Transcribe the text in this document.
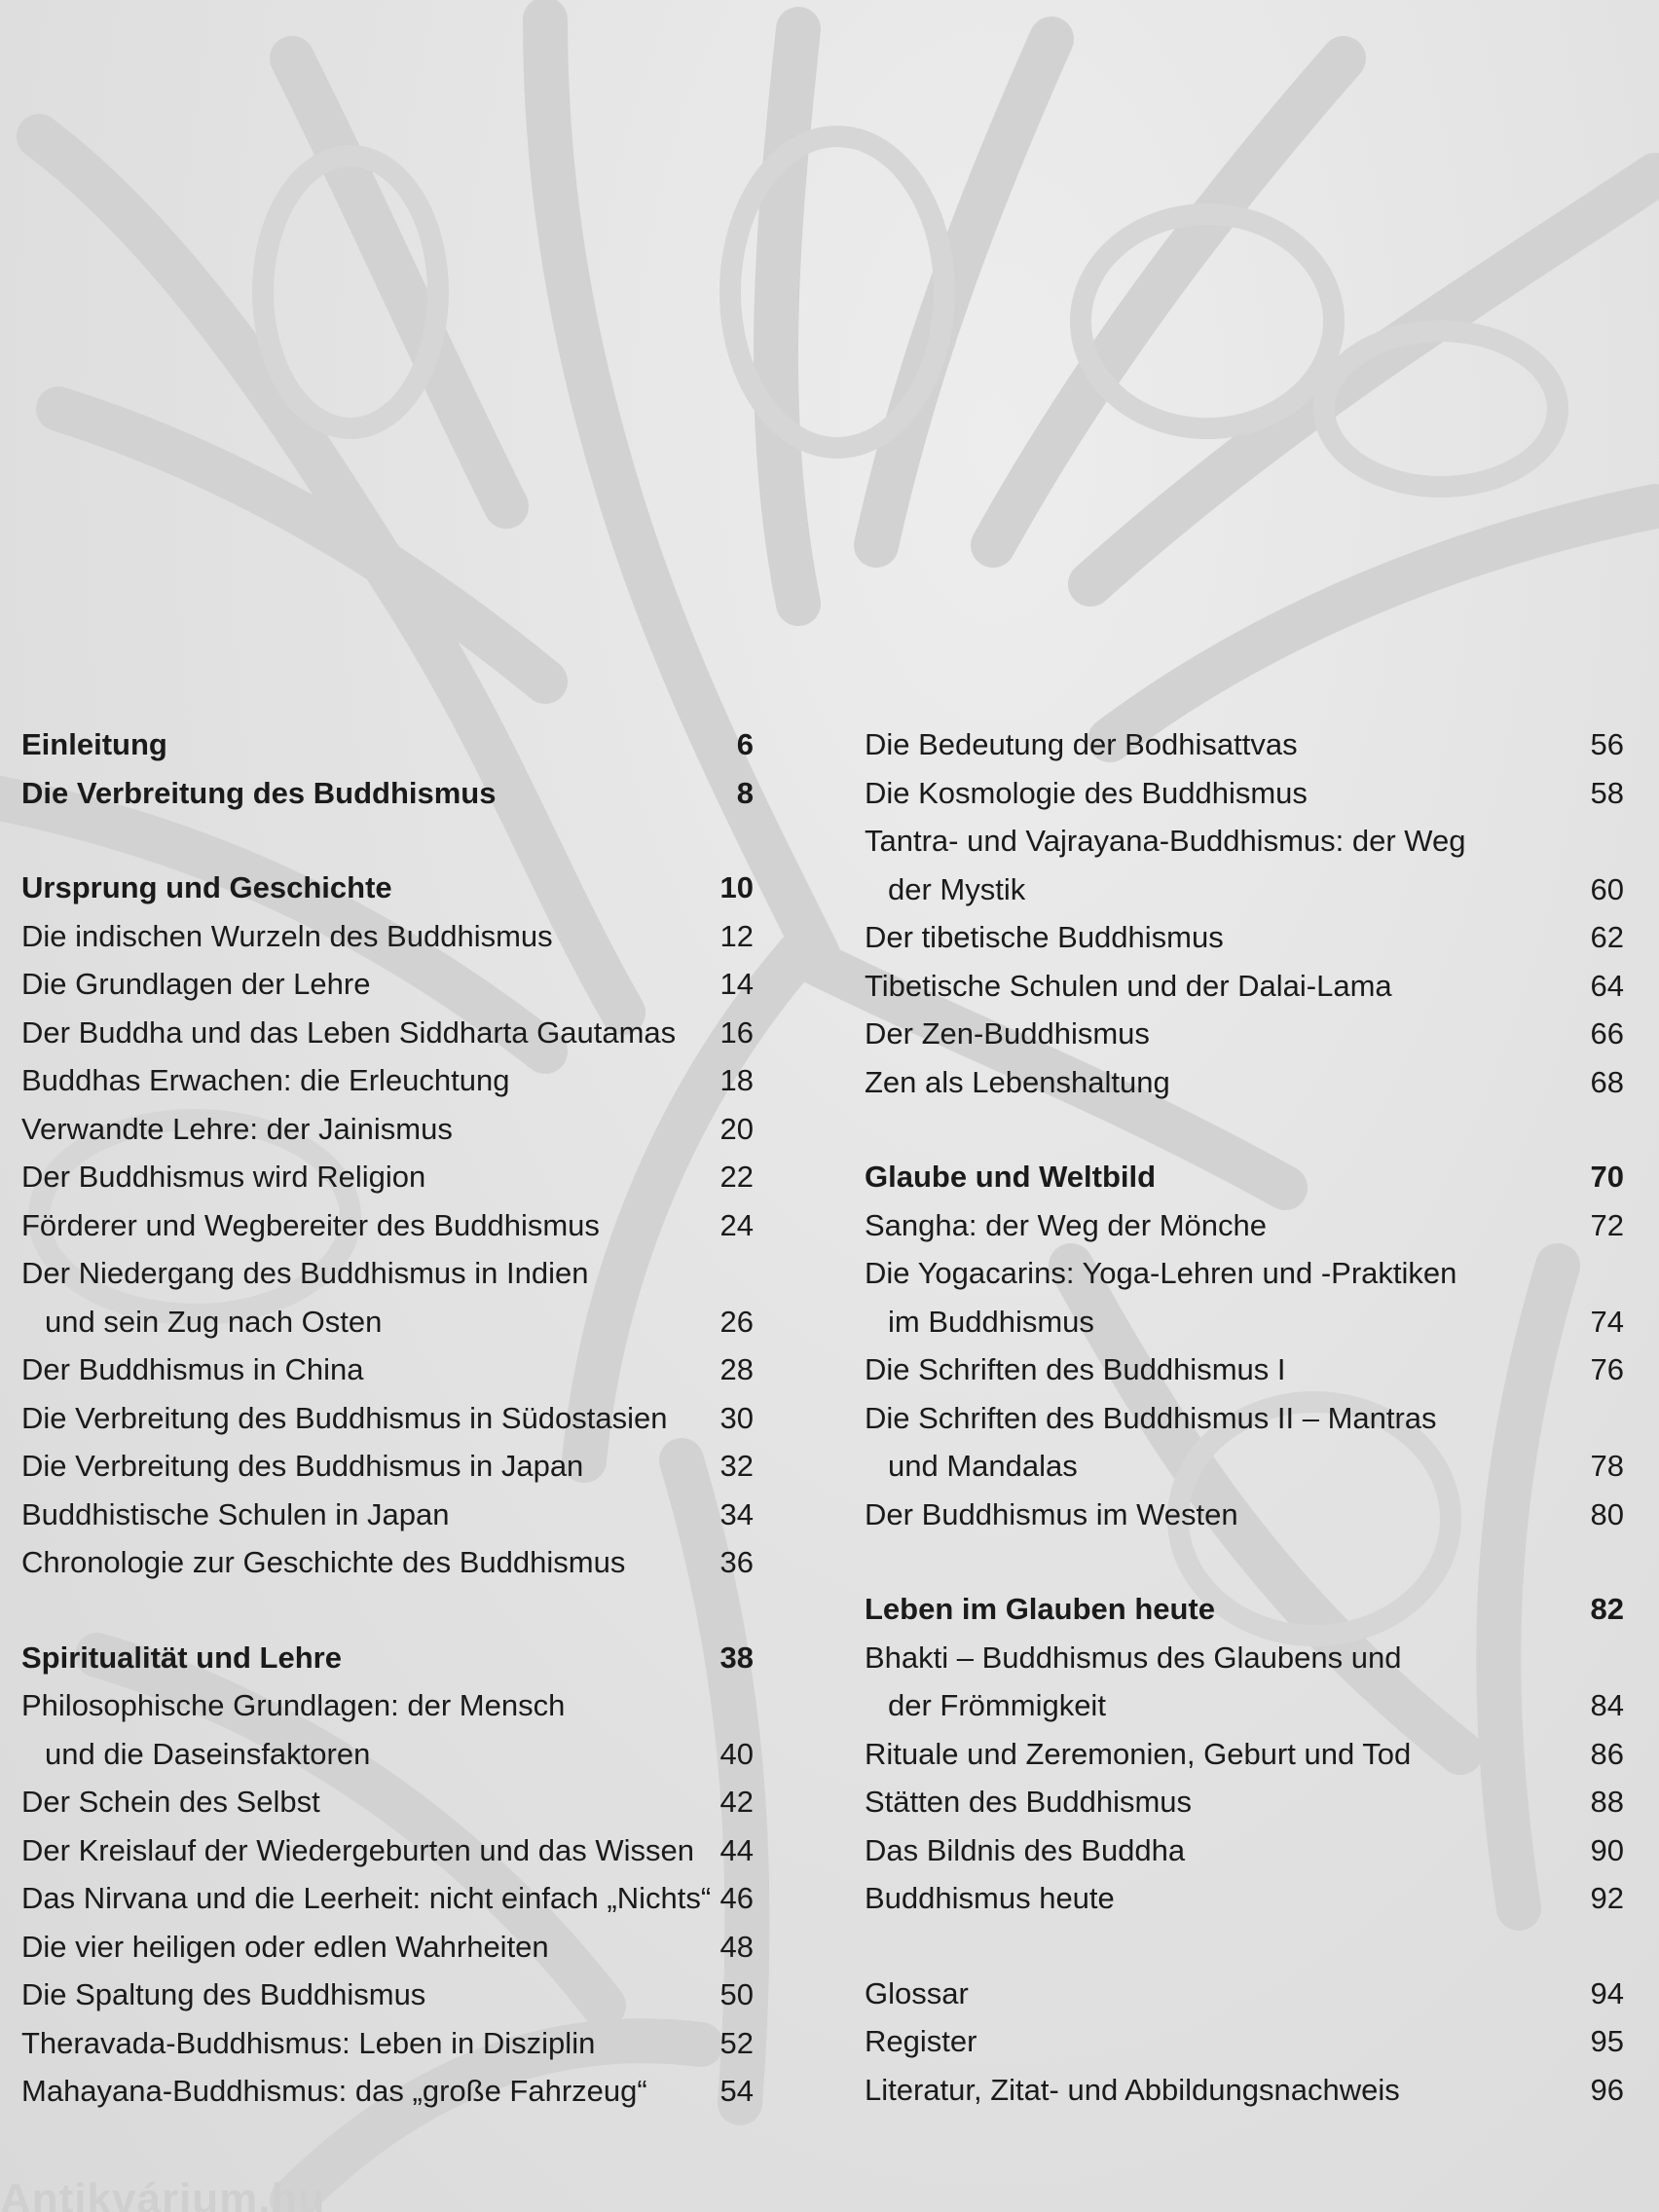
Einleitung	6
Die Verbreitung des Buddhismus	8
Ursprung und Geschichte	10
Die indischen Wurzeln des Buddhismus	12
Die Grundlagen der Lehre	14
Der Buddha und das Leben Siddharta Gautamas	16
Buddhas Erwachen: die Erleuchtung	18
Verwandte Lehre: der Jainismus	20
Der Buddhismus wird Religion	22
Förderer und Wegbereiter des Buddhismus	24
Der Niedergang des Buddhismus in Indien
und sein Zug nach Osten	26
Der Buddhismus in China	28
Die Verbreitung des Buddhismus in Südostasien	30
Die Verbreitung des Buddhismus in Japan	32
Buddhistische Schulen in Japan	34
Chronologie zur Geschichte des Buddhismus	36
Spiritualität und Lehre	38
Philosophische Grundlagen: der Mensch
und die Daseinsfaktoren	40
Der Schein des Selbst	42
Der Kreislauf der Wiedergeburten und das Wissen 44
Das Nirvana und die Leerheit: nicht einfach „Nichts“ 46
Die vier heiligen oder edlen Wahrheiten	48
Die Spaltung des Buddhismus	50
Theravada-Buddhismus: Leben in Disziplin	52
Mahayana-Buddhismus: das „große Fahrzeug“	54
Die Bedeutung der Bodhisattvas	56
Die Kosmologie des Buddhismus	58
Tantra- und Vajrayana-Buddhismus: der Weg
der Mystik	60
Der tibetische Buddhismus	62
Tibetische Schulen und der Dalai-Lama	64
Der Zen-Buddhismus	66
Zen als Lebenshaltung	68
Glaube und Weltbild	70
Sangha: der Weg der Mönche	72
Die Yogacarins: Yoga-Lehren und -Praktiken
im Buddhismus	74
Die Schriften des Buddhismus I	76
Die Schriften des Buddhismus II – Mantras
und Mandalas	78
Der Buddhismus im Westen	80
Leben im Glauben heute	82
Bhakti – Buddhismus des Glaubens und
der Frömmigkeit	84
Rituale und Zeremonien, Geburt und Tod	86
Stätten des Buddhismus	88
Das Bildnis des Buddha	90
Buddhismus heute	92
Glossar	94
Register	95
Literatur, Zitat- und Abbildungsnachweis	96
Antikvárium.hu
